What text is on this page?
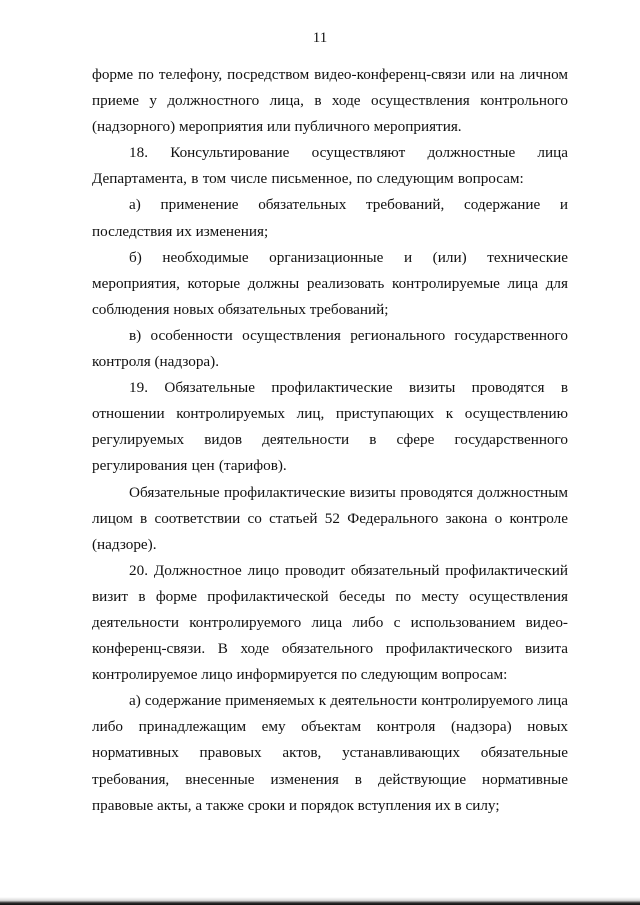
11

форме по телефону, посредством видео-конференц-связи или на личном приеме у должностного лица, в ходе осуществления контрольного (надзорного) мероприятия или публичного мероприятия.

18. Консультирование осуществляют должностные лица Департамента, в том числе письменное, по следующим вопросам:

а) применение обязательных требований, содержание и последствия их изменения;

б) необходимые организационные и (или) технические мероприятия, которые должны реализовать контролируемые лица для соблюдения новых обязательных требований;

в) особенности осуществления регионального государственного контроля (надзора).

19. Обязательные профилактические визиты проводятся в отношении контролируемых лиц, приступающих к осуществлению регулируемых видов деятельности в сфере государственного регулирования цен (тарифов).

Обязательные профилактические визиты проводятся должностным лицом в соответствии со статьей 52 Федерального закона о контроле (надзоре).

20. Должностное лицо проводит обязательный профилактический визит в форме профилактической беседы по месту осуществления деятельности контролируемого лица либо с использованием видео-конференц-связи. В ходе обязательного профилактического визита контролируемое лицо информируется по следующим вопросам:

а) содержание применяемых к деятельности контролируемого лица либо принадлежащим ему объектам контроля (надзора) новых нормативных правовых актов, устанавливающих обязательные требования, внесенные изменения в действующие нормативные правовые акты, а также сроки и порядок вступления их в силу;
